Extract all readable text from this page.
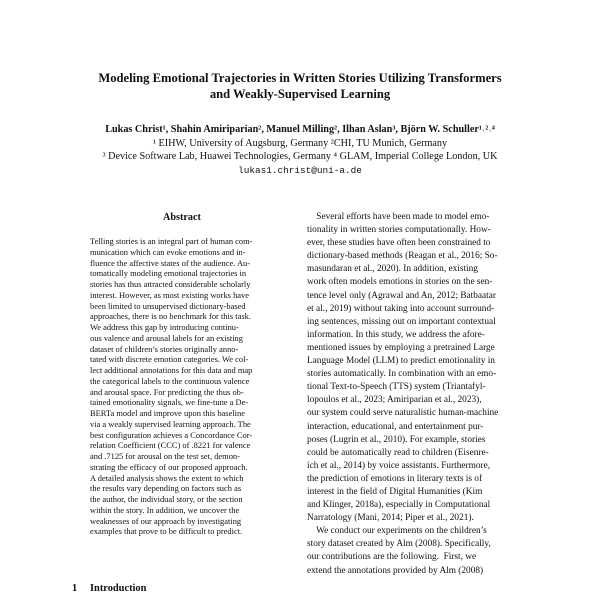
Modeling Emotional Trajectories in Written Stories Utilizing Transformers
and Weakly-Supervised Learning
Lukas Christ¹, Shahin Amiriparian², Manuel Milling², Ilhan Aslan³, Björn W. Schuller¹˒²˒⁴
¹ EIHW, University of Augsburg, Germany ²CHI, TU Munich, Germany
³ Device Software Lab, Huawei Technologies, Germany ⁴ GLAM, Imperial College London, UK
lukas1.christ@uni-a.de
Abstract
Telling stories is an integral part of human com-
munication which can evoke emotions and in-
fluence the affective states of the audience. Au-
tomatically modeling emotional trajectories in
stories has thus attracted considerable scholarly
interest. However, as most existing works have
been limited to unsupervised dictionary-based
approaches, there is no benchmark for this task.
We address this gap by introducing continu-
ous valence and arousal labels for an existing
dataset of children’s stories originally anno-
tated with discrete emotion categories. We col-
lect additional annotations for this data and map
the categorical labels to the continuous valence
and arousal space. For predicting the thus ob-
tained emotionality signals, we fine-tune a De-
BERTa model and improve upon this baseline
via a weakly supervised learning approach. The
best configuration achieves a Concordance Cor-
relation Coefficient (CCC) of .8221 for valence
and .7125 for arousal on the test set, demon-
strating the efficacy of our proposed approach.
A detailed analysis shows the extent to which
the results vary depending on factors such as
the author, the individual story, or the section
within the story. In addition, we uncover the
weaknesses of our approach by investigating
examples that prove to be difficult to predict.
Several efforts have been made to model emo-
tionality in written stories computationally. How-
ever, these studies have often been constrained to
dictionary-based methods (Reagan et al., 2016; So-
masundaran et al., 2020). In addition, existing
work often models emotions in stories on the sen-
tence level only (Agrawal and An, 2012; Batbaatar
et al., 2019) without taking into account surround-
ing sentences, missing out on important contextual
information. In this study, we address the afore-
mentioned issues by employing a pretrained Large
Language Model (LLM) to predict emotionality in
stories automatically. In combination with an emo-
tional Text-to-Speech (TTS) system (Triantafyl-
lopoulos et al., 2023; Amiriparian et al., 2023),
our system could serve naturalistic human-machine
interaction, educational, and entertainment pur-
poses (Lugrin et al., 2010). For example, stories
could be automatically read to children (Eisenre-
ich et al., 2014) by voice assistants. Furthermore,
the prediction of emotions in literary texts is of
interest in the field of Digital Humanities (Kim
and Klinger, 2018a), especially in Computational
Narratology (Mani, 2014; Piper et al., 2021).
We conduct our experiments on the children’s
story dataset created by Alm (2008). Specifically,
our contributions are the following.  First, we
extend the annotations provided by Alm (2008)
1 Introduction
